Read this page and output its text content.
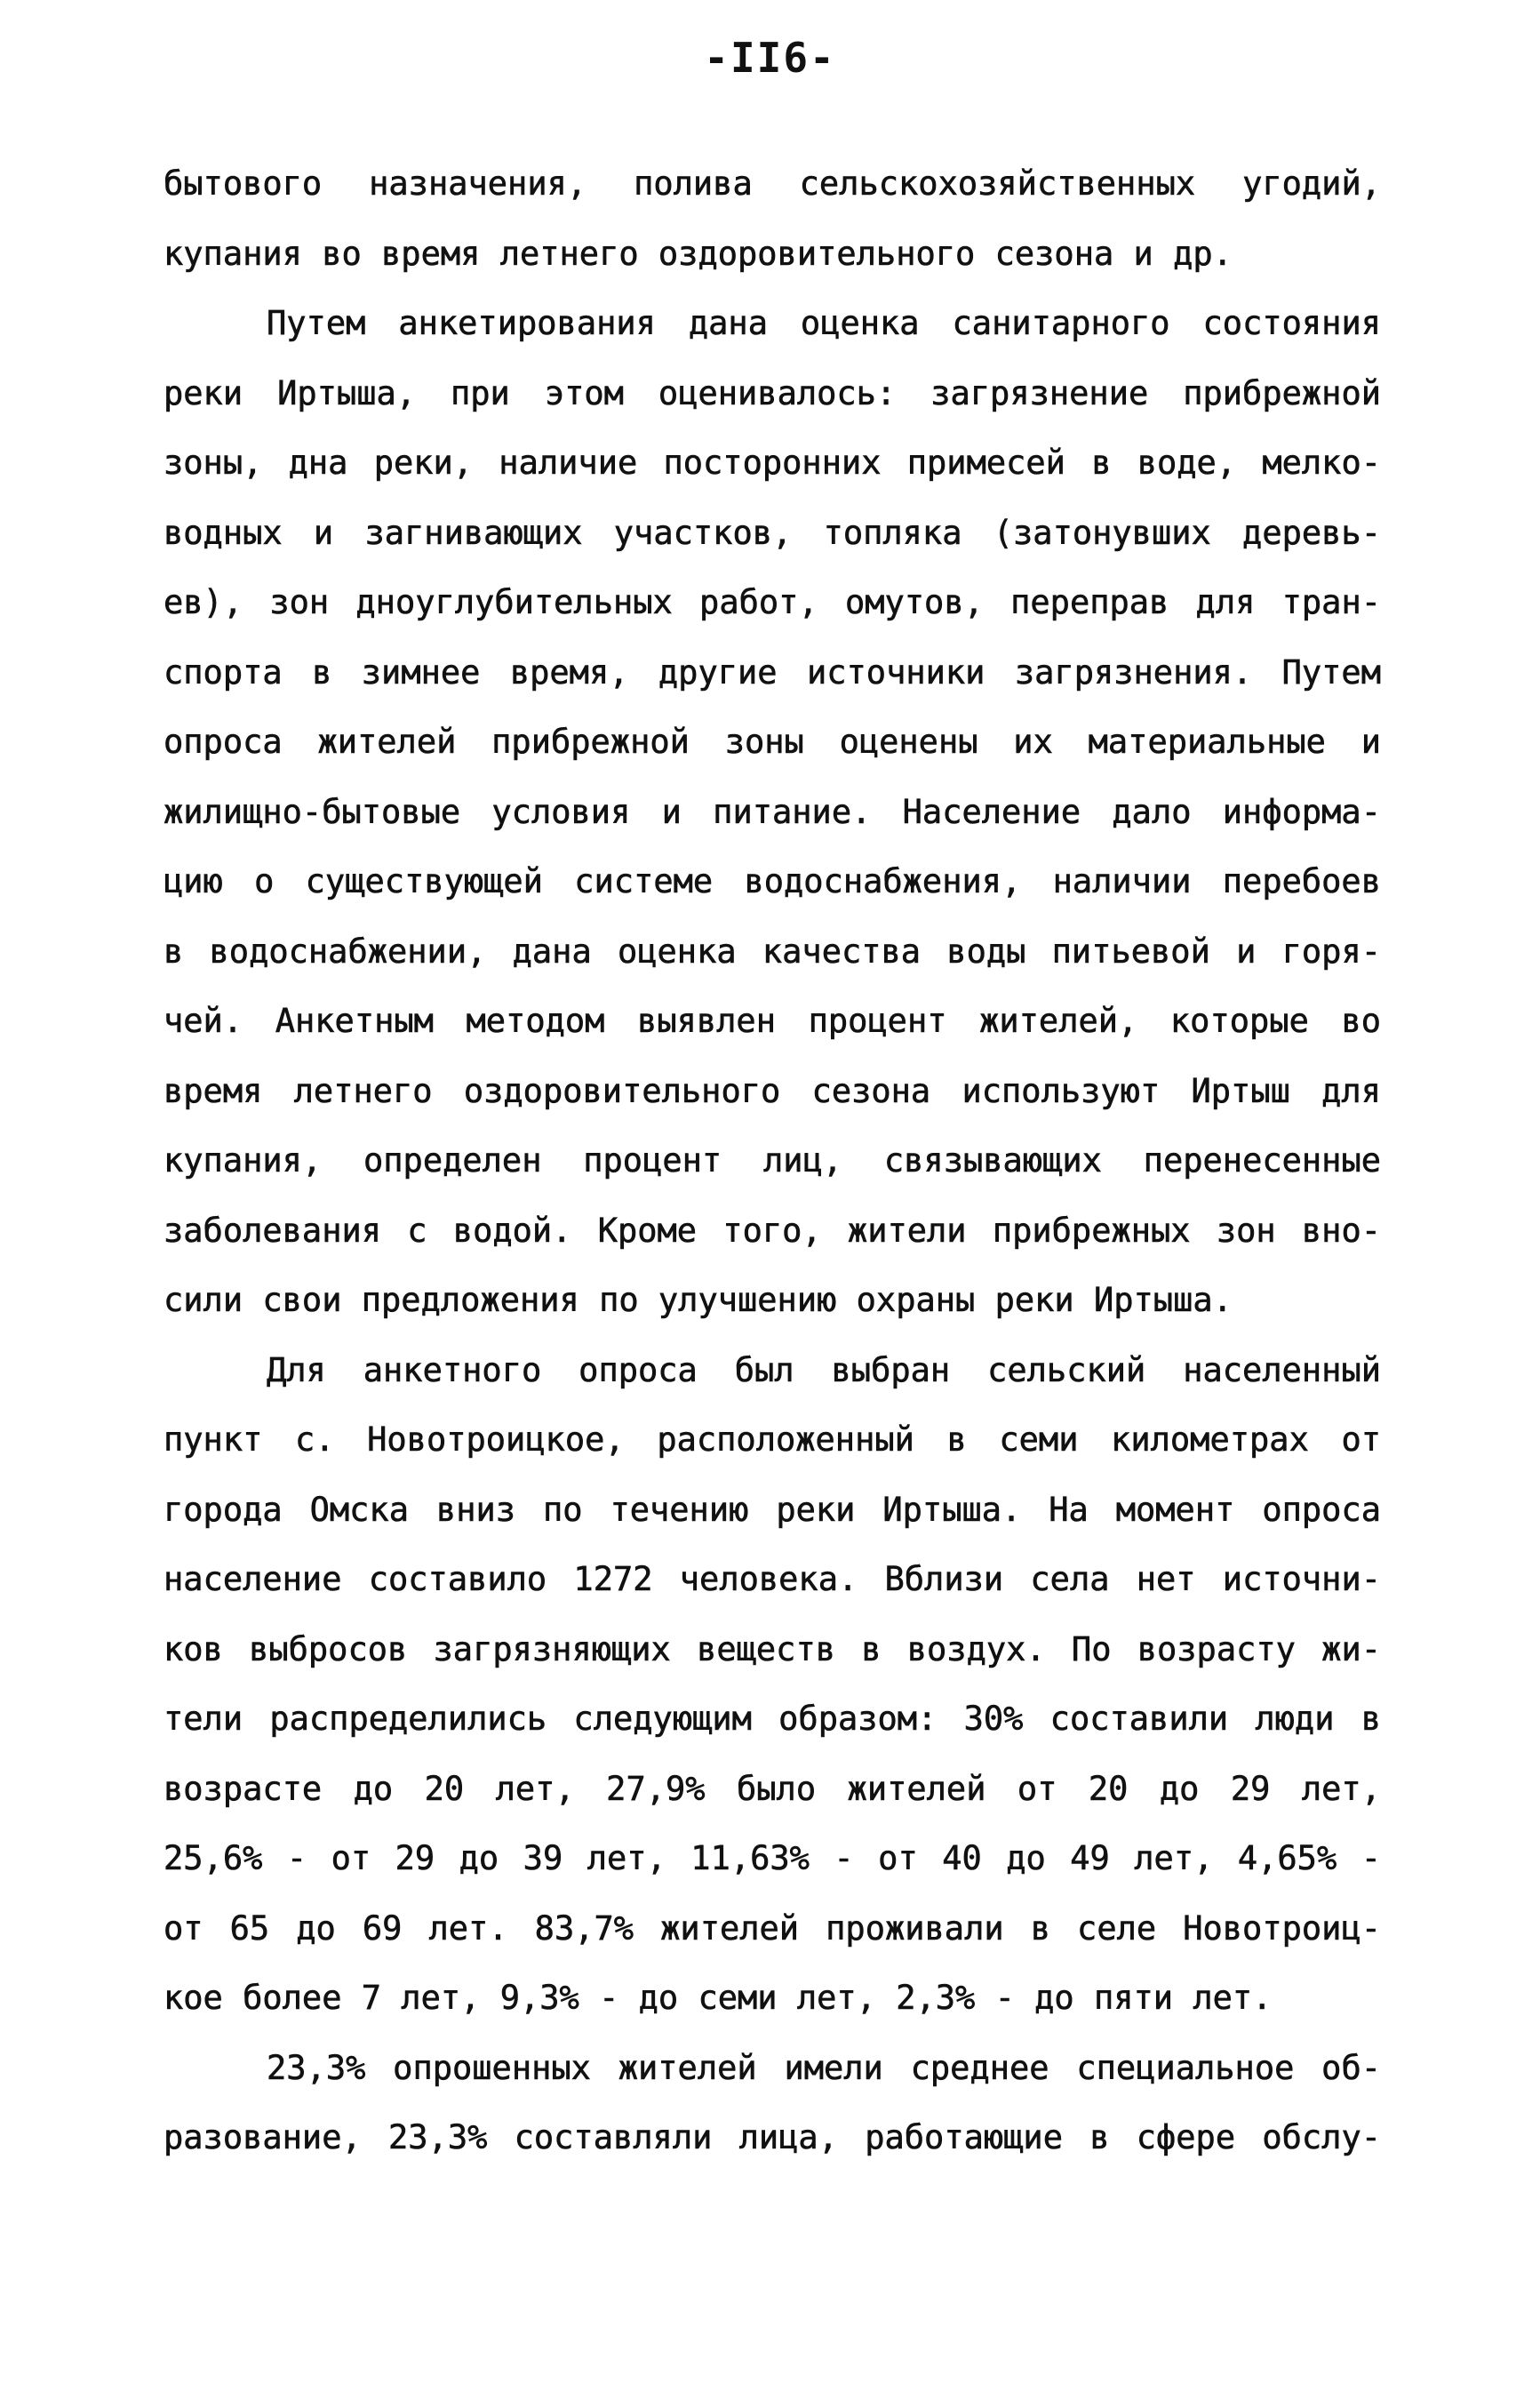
-II6-

бытового назначения, полива сельскохозяйственных угодий,
купания во время летнего оздоровительного сезона и др.

Путем анкетирования дана оценка санитарного состояния
реки Иртыша, при этом оценивалось: загрязнение прибрежной
зоны, дна реки, наличие посторонних примесей в воде, мелко-
водных и загнивающих участков, топляка (затонувших деревь-
ев), зон дноуглубительных работ, омутов, переправ для тран-
спорта в зимнее время, другие источники загрязнения. Путем
опроса жителей прибрежной зоны оценены их материальные и
жилищно-бытовые условия и питание. Население дало информа-
цию о существующей системе водоснабжения, наличии перебоев
в водоснабжении, дана оценка качества воды питьевой и горя-
чей. Анкетным методом выявлен процент жителей, которые во
время летнего оздоровительного сезона используют Иртыш для
купания, определен процент лиц, связывающих перенесенные
заболевания с водой. Кроме того, жители прибрежных зон вно-
сили свои предложения по улучшению охраны реки Иртыша.

Для анкетного опроса был выбран сельский населенный
пункт с. Новотроицкое, расположенный в семи километрах от
города Омска вниз по течению реки Иртыша. На момент опроса
население составило 1272 человека. Вблизи села нет источни-
ков выбросов загрязняющих веществ в воздух. По возрасту жи-
тели распределились следующим образом: 30% составили люди в
возрасте до 20 лет, 27,9% было жителей от 20 до 29 лет,
25,6% - от 29 до 39 лет, 11,63% - от 40 до 49 лет, 4,65% -
от 65 до 69 лет. 83,7% жителей проживали в селе Новотроиц-
кое более 7 лет, 9,3% - до семи лет, 2,3% - до пяти лет.

23,3% опрошенных жителей имели среднее специальное об-
разование, 23,3% составляли лица, работающие в сфере обслу-
